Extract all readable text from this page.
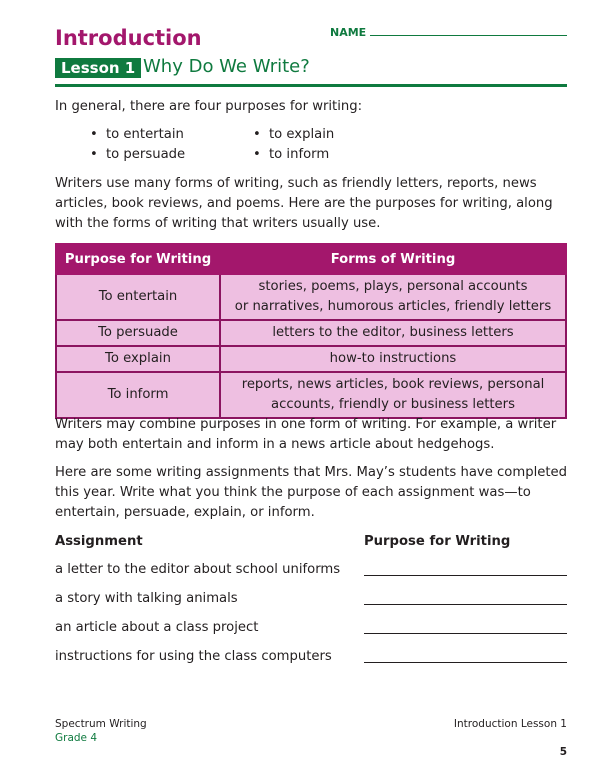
Introduction	NAME
Lesson 1 Why Do We Write?
In general, there are four purposes for writing:
• to entertain	• to explain
• to persuade	• to inform
Writers use many forms of writing, such as friendly letters, reports, news articles, book reviews, and poems. Here are the purposes for writing, along with the forms of writing that writers usually use.
Purpose for Writing	Forms of Writing
To entertain	stories, poems, plays, personal accounts
or narratives, humorous articles, friendly letters

To persuade	letters to the editor, business letters

To explain	how-to instructions

To inform	reports, news articles, book reviews, personal
accounts, friendly or business letters
Writers may combine purposes in one form of writing. For example, a writer may both entertain and inform in a news article about hedgehogs.
Here are some writing assignments that Mrs. May’s students have completed this year. Write what you think the purpose of each assignment was—to entertain, persuade, explain, or inform.
Assignment	Purpose for Writing
a letter to the editor about school uniforms
a story with talking animals
an article about a class project
instructions for using the class computers
Spectrum Writing
Grade 4
Introduction Lesson 1
5
